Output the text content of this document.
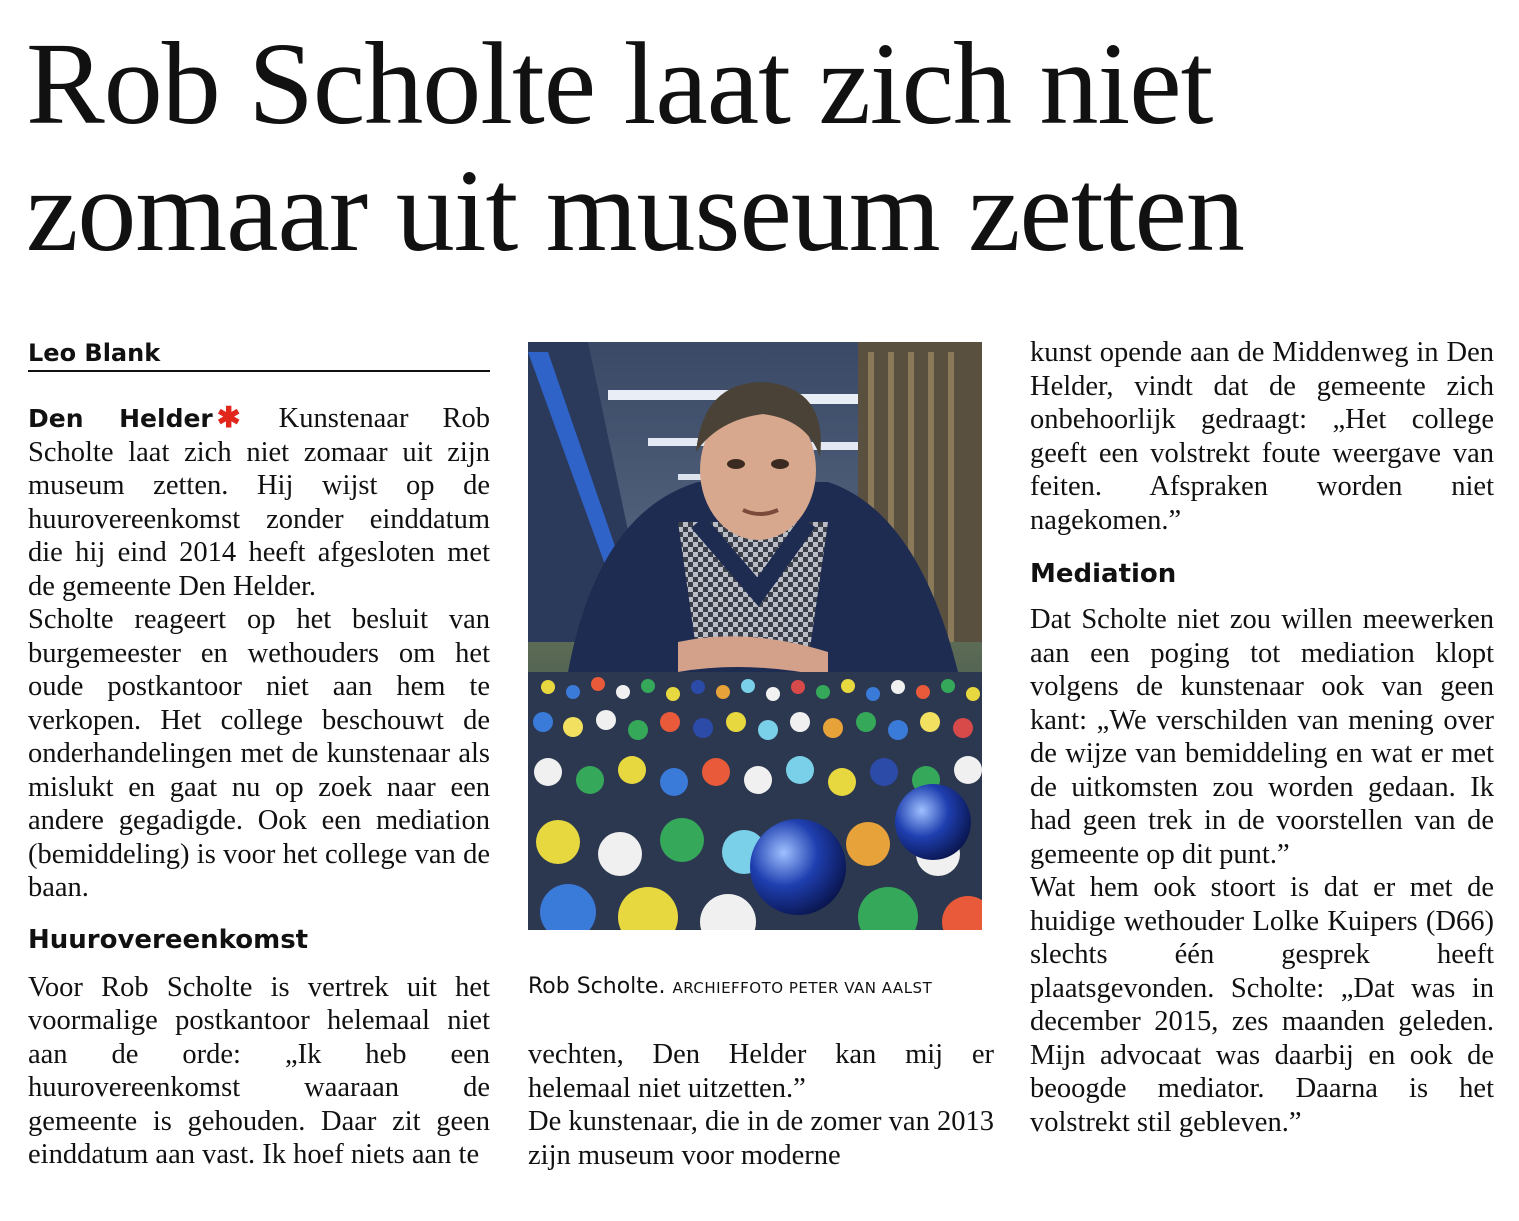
Rob Scholte laat zich niet
zomaar uit museum zetten
Leo Blank

Den Helder ✱ Kunstenaar Rob Scholte laat zich niet zomaar uit zijn museum zetten. Hij wijst op de huurovereenkomst zonder einddatum die hij eind 2014 heeft afgesloten met de gemeente Den Helder.

Scholte reageert op het besluit van burgemeester en wethouders om het oude postkantoor niet aan hem te verkopen. Het college beschouwt de onderhandelingen met de kunstenaar als mislukt en gaat nu op zoek naar een andere gegadigde. Ook een mediation (bemiddeling) is voor het college van de baan.

Huurovereenkomst

Voor Rob Scholte is vertrek uit het voormalige postkantoor helemaal niet aan de orde: „Ik heb een huurovereenkomst waaraan de gemeente is gehouden. Daar zit geen einddatum aan vast. Ik hoef niets aan te

Rob Scholte. ARCHIEFFOTO PETER VAN AALST

vechten, Den Helder kan mij er helemaal niet uitzetten.”

De kunstenaar, die in de zomer van 2013 zijn museum voor moderne

kunst opende aan de Middenweg in Den Helder, vindt dat de gemeente zich onbehoorlijk gedraagt: „Het college geeft een volstrekt foute weergave van feiten. Afspraken worden niet nagekomen.”

Mediation

Dat Scholte niet zou willen meewerken aan een poging tot mediation klopt volgens de kunstenaar ook van geen kant: „We verschilden van mening over de wijze van bemiddeling en wat er met de uitkomsten zou worden gedaan. Ik had geen trek in de voorstellen van de gemeente op dit punt.”

Wat hem ook stoort is dat er met de huidige wethouder Lolke Kuipers (D66) slechts één gesprek heeft plaatsgevonden. Scholte: „Dat was in december 2015, zes maanden geleden. Mijn advocaat was daarbij en ook de beoogde mediator. Daarna is het volstrekt stil gebleven.”
